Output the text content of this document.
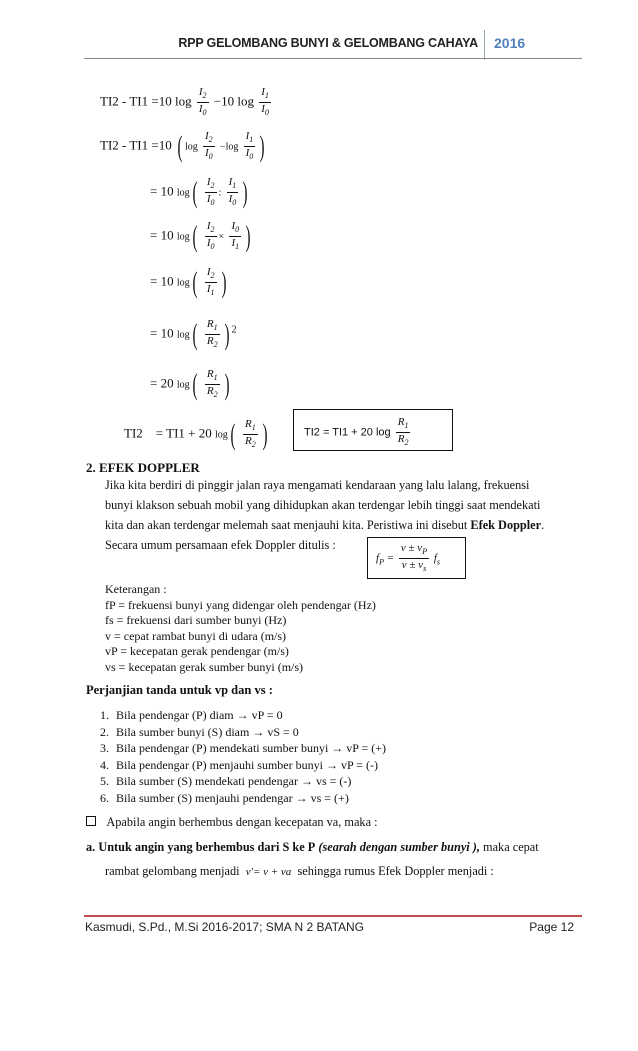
RPP GELOMBANG BUNYI & GELOMBANG CAHAYA 2016
TI2 - TI1 =10 $\log \frac{I_2}{I_0} -10$ $\log \frac{I_1}{I_0}$
TI2 - TI1 =10 ( $\log \frac{I_2}{I_0} -\log \frac{I_1}{I_0}$ )
= 10 $\log( \frac{I_2}{I_0}$ : $\frac{I_1}{I_0}$ )
= 10 $\log( \frac{I_2}{I_0} \times \frac{I_0}{I_1}$ )
= 10 $\log( \frac{I_2}{I_1}$ )
= 10 $\log( \frac{R_1}{R_2}$ ) $^2$
= 20 $\log( \frac{R_1}{R_2}$ )
TI2 = TI1 + 20 $\log( \frac{R_1}{R_2}$ )	TI2 = TI1 + 20 $\log \frac{R_1}{R_2}$
2. EFEK DOPPLER
Jika kita berdiri di pinggir jalan raya mengamati kendaraan yang lalu lalang, frekuensi
bunyi klakson sebuah mobil yang dihidupkan akan terdengar lebih tinggi saat mendekati
kita dan akan terdengar melemah saat menjauhi kita. Peristiwa ini disebut Efek Doppler.
Secara umum persamaan efek Doppler ditulis :
$f_P = \frac{v \pm v_P}{v \pm v_s} f_s$
Keterangan :
fP = frekuensi bunyi yang didengar oleh pendengar (Hz)
fs = frekuensi dari sumber bunyi (Hz)
v = cepat rambat bunyi di udara (m/s)
vP = kecepatan gerak pendengar (m/s)
vs = kecepatan gerak sumber bunyi (m/s)
Perjanjian tanda untuk vp dan vs :
1. Bila pendengar (P) diam → vP = 0
2. Bila sumber bunyi (S) diam → vS = 0
3. Bila pendengar (P) mendekati sumber bunyi → vP = (+)
4. Bila pendengar (P) menjauhi sumber bunyi → vP = (-)
5. Bila sumber (S) mendekati pendengar → vs = (-)
6. Bila sumber (S) menjauhi pendengar → vs = (+)
Apabila angin berhembus dengan kecepatan va, maka :
a. Untuk angin yang berhembus dari S ke P (searah dengan sumber bunyi ), maka cepat
rambat gelombang menjadi v'= v + va sehingga rumus Efek Doppler menjadi :
Kasmudi, S.Pd., M.Si 2016-2017; SMA N 2 BATANG	Page 12
